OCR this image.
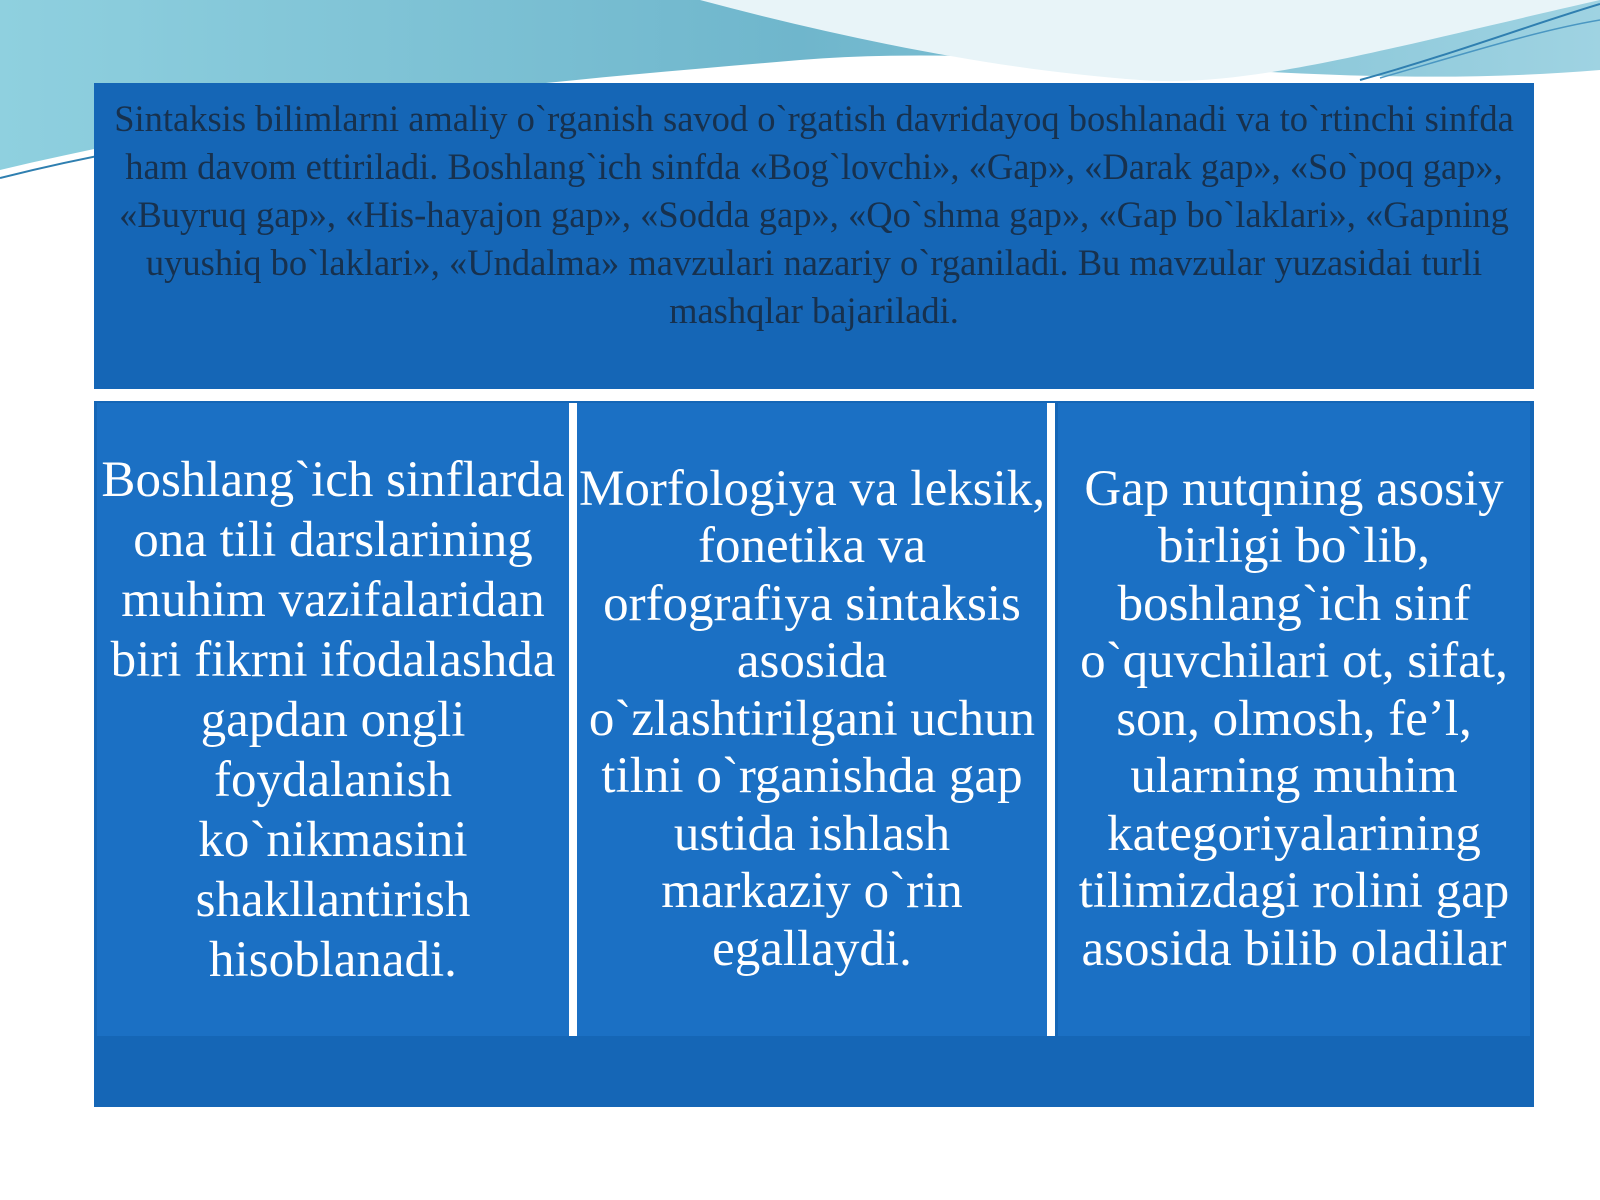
Sintaksis bilimlarni amaliy o`rganish savod o`rgatish davridayoq boshlanadi va to`rtinchi sinfda ham davom ettiriladi. Boshlang`ich sinfda «Bog`lovchi», «Gap», «Darak gap», «So`poq gap», «Buyruq gap», «His-hayajon gap», «Sodda gap», «Qo`shma gap», «Gap bo`laklari», «Gapning uyushiq bo`laklari», «Undalma» mavzulari nazariy o`rganiladi. Bu mavzular yuzasidai turli mashqlar bajariladi.
Boshlang`ich sinflarda ona tili darslarining muhim vazifalaridan biri fikrni ifodalashda gapdan ongli foydalanish ko`nikmasini shakllantirish hisoblanadi.
Morfologiya va leksik, fonetika va orfografiya sintaksis asosida o`zlashtirilgani uchun tilni o`rganishda gap ustida ishlash markaziy o`rin egallaydi.
Gap nutqning asosiy birligi bo`lib, boshlang`ich sinf o`quvchilari ot, sifat, son, olmosh, fe’l, ularning muhim kategoriyalarining tilimizdagi rolini gap asosida bilib oladilar
